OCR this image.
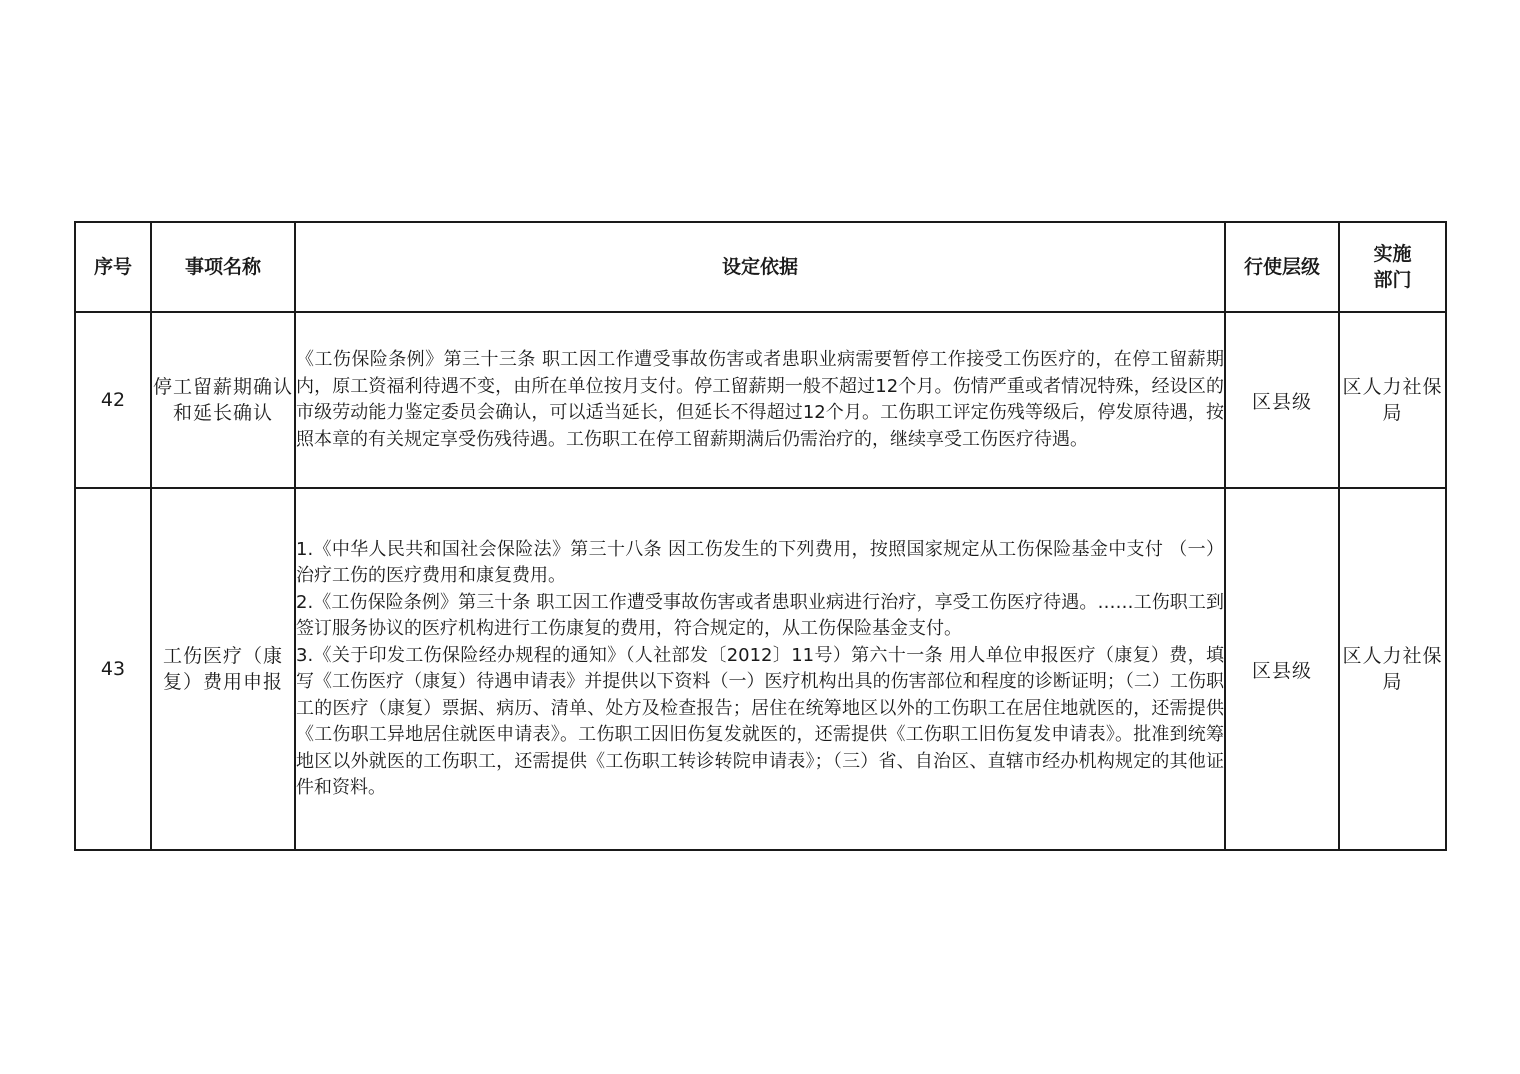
序号	事项名称	设定依据	行使层级	实施
部门
42	停工留薪期确认和延长确认	《工伤保险条例》第三十三条 职工因工作遭受事故伤害或者患职业病需要暂停工作接受工伤医疗的，在停工留薪期内，原工资福利待遇不变，由所在单位按月支付。停工留薪期一般不超过12个月。伤情严重或者情况特殊，经设区的市级劳动能力鉴定委员会确认，可以适当延长，但延长不得超过12个月。工伤职工评定伤残等级后，停发原待遇，按照本章的有关规定享受伤残待遇。工伤职工在停工留薪期满后仍需治疗的，继续享受工伤医疗待遇。	区县级	区人力社保局
43	工伤医疗（康复）费用申报	1.《中华人民共和国社会保险法》第三十八条 因工伤发生的下列费用，按照国家规定从工伤保险基金中支付 （一）治疗工伤的医疗费用和康复费用。
2.《工伤保险条例》第三十条 职工因工作遭受事故伤害或者患职业病进行治疗，享受工伤医疗待遇。……工伤职工到签订服务协议的医疗机构进行工伤康复的费用，符合规定的，从工伤保险基金支付。
3.《关于印发工伤保险经办规程的通知》（人社部发〔2012〕11号）第六十一条 用人单位申报医疗（康复）费，填写《工伤医疗（康复）待遇申请表》并提供以下资料（一）医疗机构出具的伤害部位和程度的诊断证明；（二）工伤职工的医疗（康复）票据、病历、清单、处方及检查报告；居住在统筹地区以外的工伤职工在居住地就医的，还需提供《工伤职工异地居住就医申请表》。工伤职工因旧伤复发就医的，还需提供《工伤职工旧伤复发申请表》。批准到统筹地区以外就医的工伤职工，还需提供《工伤职工转诊转院申请表》；（三）省、自治区、直辖市经办机构规定的其他证件和资料。	区县级	区人力社保局
